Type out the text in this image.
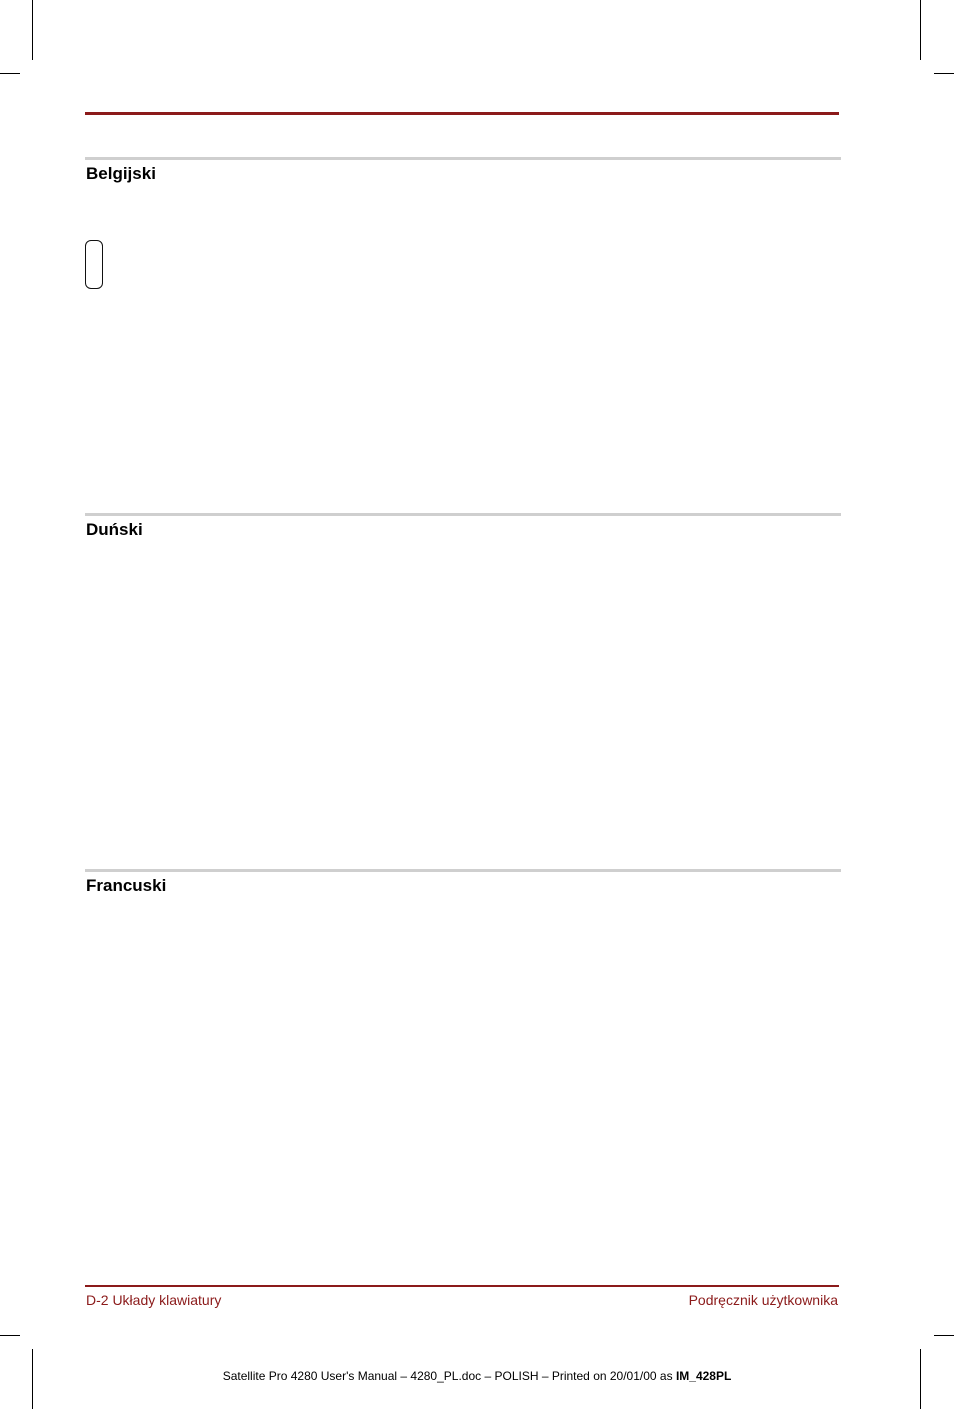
Belgijski
Duński
Francuski
D-2 Układy klawiatury	Podręcznik użytkownika
Satellite Pro 4280 User's Manual – 4280_PL.doc – POLISH – Printed on 20/01/00 as IM_428PL
